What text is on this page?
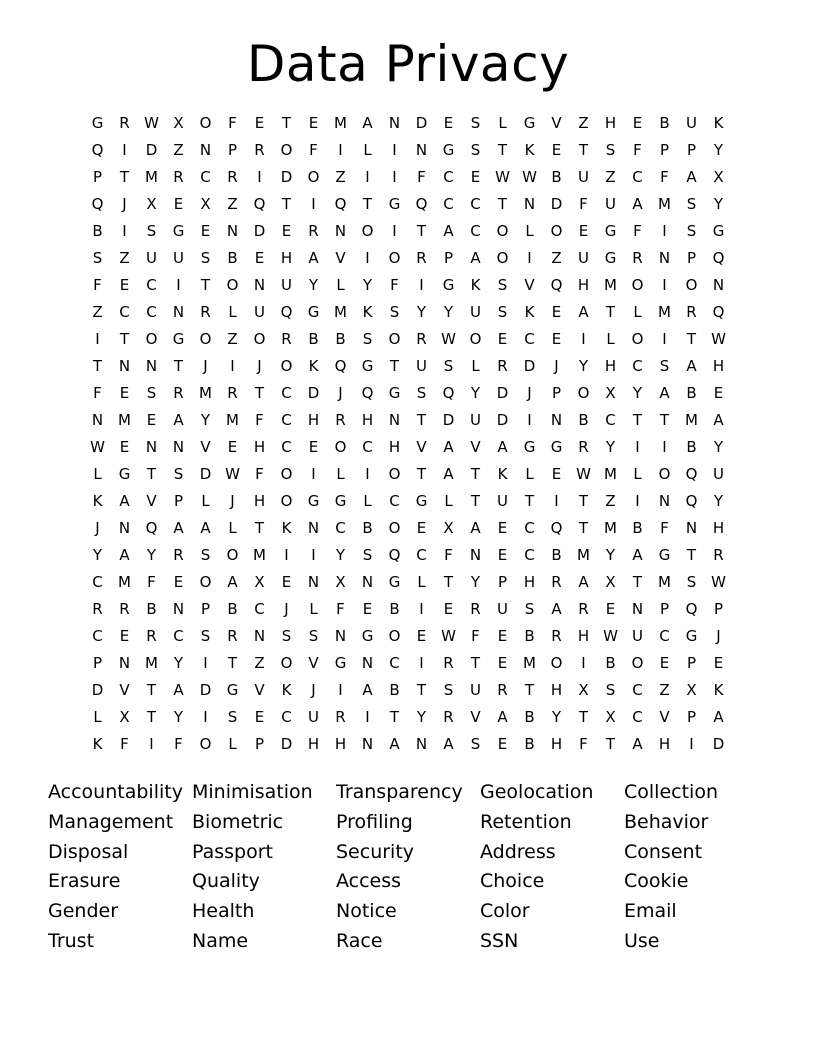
Data Privacy
G	R W X	O	F	E	T	E	M	A	N	D	E	S	L	G	V	Z	H	E	B	U	K
Q	I	D	Z	N	P	R	O	F	I	L	I	N	G	S	T	K	E	T	S	F	P	P	Y
P	T	M	R	C	R	I	D	O	Z	I	I	F	C	E W W B	U	Z	C	F	A	X
Q	J	X	E	X	Z	Q	T	I	Q	T	G	Q	C	C	T	N	D	F	U	A	M	S	Y
B	I	S	G	E	N	D	E	R	N	O	I	T	A	C	O	L	O	E	G	F	I	S	G
S	Z	U	U	S	B	E	H	A	V	I	O	R	P	A	O	I	Z	U	G	R	N	P	Q
F	E	C	I	T	O	N	U	Y	L	Y	F	I	G	K	S	V	Q	H M O	I	O	N
Z	C	C	N	R	L	U	Q	G M	K	S	Y	Y	U	S	K	E	A	T	L	M	R	Q
I	T	O	G	O	Z	O	R	B	B	S	O	R W O	E	C	E	I	L	O	I	T	W
T	N	N	T	J	I	J	O	K	Q	G	T	U	S	L	R	D	J	Y	H	C	S	A	H
F	E	S	R	M	R	T	C	D	J	Q	G	S	Q	Y	D	J	P	O	X	Y	A	B	E
N M	E	A	Y	M	F	C	H	R	H	N	T	D	U	D	I	N	B	C	T	T	M	A
W E	N	N	V	E	H	C	E	O	C	H	V	A	V	A	G	G	R	Y	I	I	B	Y
L	G	T	S	D W	F	O	I	L	I	O	T	A	T	K	L	E W M	L	O	Q	U
K	A	V	P	L	J	H	O	G	G	L	C	G	L	T	U	T	I	T	Z	I	N	Q	Y
J	N	Q	A	A	L	T	K	N	C	B	O	E	X	A	E	C	Q	T	M	B	F	N	H
Y	A	Y	R	S	O M	I	I	Y	S	Q	C	F	N	E	C	B	M	Y	A	G	T	R
C	M	F	E	O	A	X	E	N	X	N	G	L	T	Y	P	H	R	A	X	T	M	S W
R	R	B	N	P	B	C	J	L	F	E	B	I	E	R	U	S	A	R	E	N	P	Q	P
C	E	R	C	S	R	N	S	S	N	G	O	E W	F	E	B	R	H W U	C	G	J
P	N M	Y	I	T	Z	O	V	G	N	C	I	R	T	E	M O	I	B	O	E	P	E
D	V	T	A	D	G	V	K	J	I	A	B	T	S	U	R	T	H	X	S	C	Z	X	K
L	X	T	Y	I	S	E	C	U	R	I	T	Y	R	V	A	B	Y	T	X	C	V	P	A
K	F	I	F	O	L	P	D	H	H	N	A	N	A	S	E	B	H	F	T	A	H	I	D
Accountability Minimisation	Transparency Geolocation	Collection
Management Biometric	Profiling	Retention	Behavior
Disposal	Passport	Security	Address	Consent
Erasure	Quality	Access	Choice	Cookie
Gender	Health	Notice	Color	Email
Trust	Name	Race	SSN	Use
